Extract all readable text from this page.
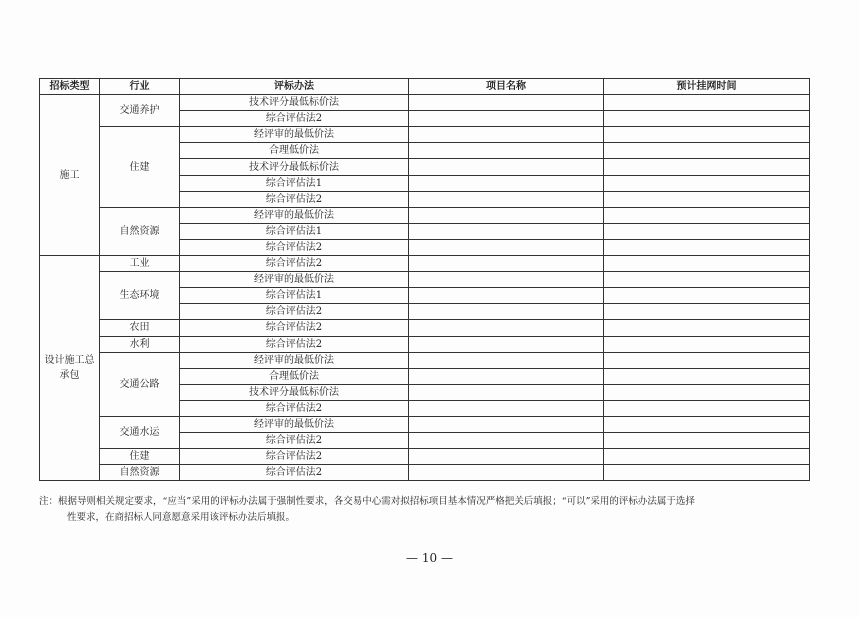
招标类型	行业	评标办法	项目名称	预计挂网时间
施工	交通养护	技术评分最低标价法		
		综合评估法2		
	住建	经评审的最低价法		
		合理低价法		
		技术评分最低标价法		
		综合评估法1		
		综合评估法2		
	自然资源	经评审的最低价法		
		综合评估法1		
		综合评估法2		
设计施工总承包	工业	综合评估法2		
	生态环境	经评审的最低价法		
		综合评估法1		
		综合评估法2		
	农田	综合评估法2		
	水利	综合评估法2		
	交通公路	经评审的最低价法		
		合理低价法		
		技术评分最低标价法		
		综合评估法2		
	交通水运	经评审的最低价法		
		综合评估法2		
	住建	综合评估法2		
	自然资源	综合评估法2		

注：根据导则相关规定要求，“应当”采用的评标办法属于强制性要求，各交易中心需对拟招标项目基本情况严格把关后填报；“可以”采用的评标办法属于选择
性要求，在商招标人同意愿意采用该评标办法后填报。

— 10 —
